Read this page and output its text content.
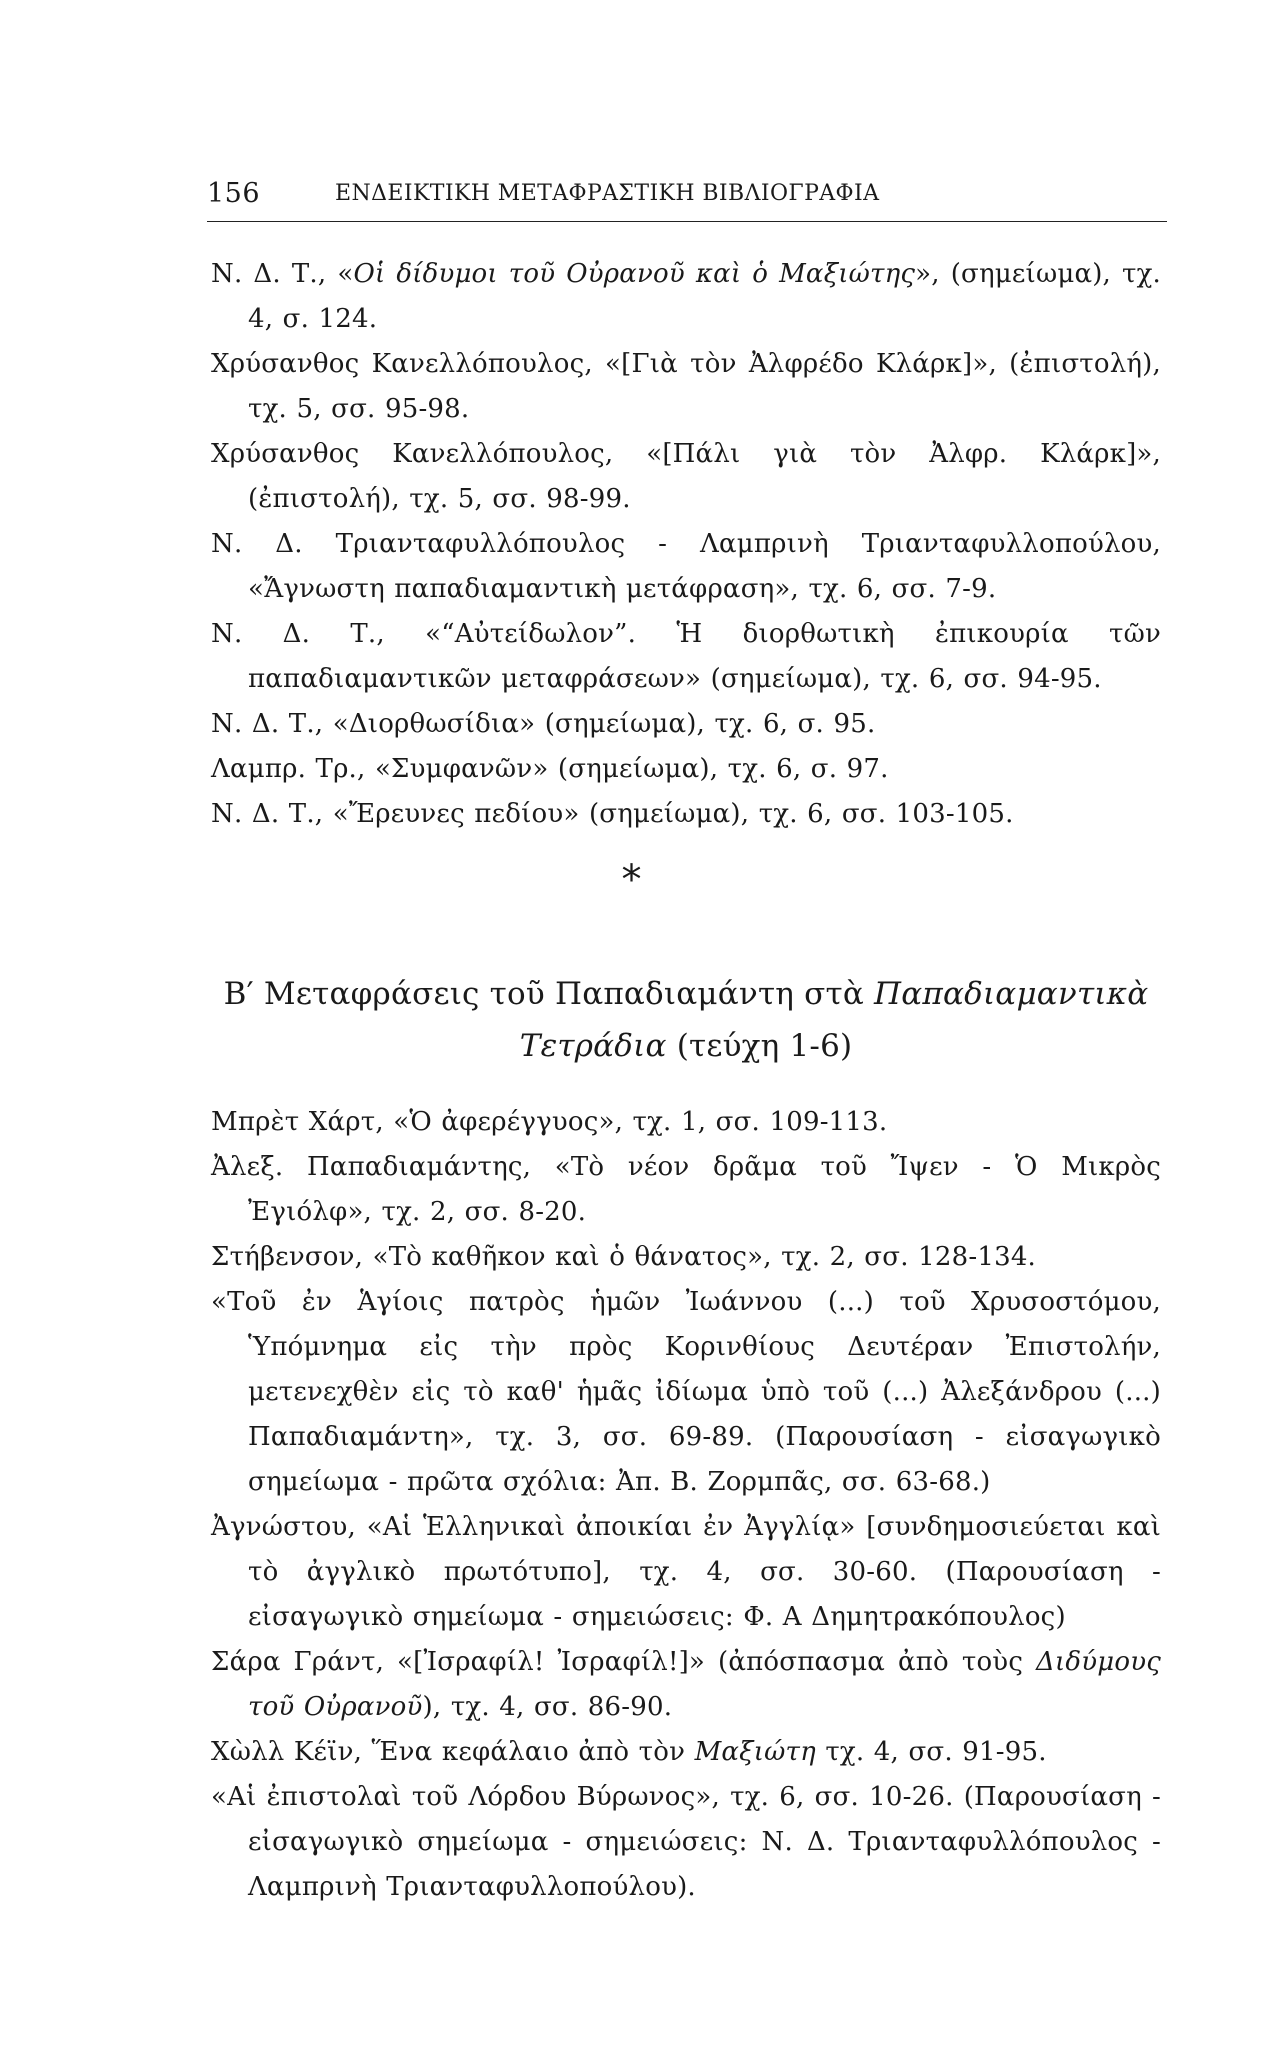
156	ΕΝΔΕΙΚΤΙΚΗ ΜΕΤΑΦΡΑΣΤΙΚΗ ΒΙΒΛΙΟΓΡΑΦΙΑ
Ν. Δ. Τ., «Οἱ δίδυμοι τοῦ Οὐρανοῦ καὶ ὁ Μαξιώτης», (σημείωμα), τχ. 4, σ. 124.
Χρύσανθος Κανελλόπουλος, «[Γιὰ τὸν Ἀλφρέδο Κλάρκ]», (ἐπιστολή), τχ. 5, σσ. 95-98.
Χρύσανθος Κανελλόπουλος, «[Πάλι γιὰ τὸν Ἀλφρ. Κλάρκ]», (ἐπιστολή), τχ. 5, σσ. 98-99.
Ν. Δ. Τριανταφυλλόπουλος - Λαμπρινὴ Τριανταφυλλοπούλου, «Ἄγνωστη παπαδιαμαντικὴ μετάφραση», τχ. 6, σσ. 7-9.
Ν. Δ. Τ., «“Αὐτείδωλον”. Ἡ διορθωτικὴ ἐπικουρία τῶν παπαδιαμαντικῶν μεταφράσεων» (σημείωμα), τχ. 6, σσ. 94-95.
Ν. Δ. Τ., «Διορθωσίδια» (σημείωμα), τχ. 6, σ. 95.
Λαμπρ. Τρ., «Συμφανῶν» (σημείωμα), τχ. 6, σ. 97.
Ν. Δ. Τ., «Ἔρευνες πεδίου» (σημείωμα), τχ. 6, σσ. 103-105.
*
Β′ Μεταφράσεις τοῦ Παπαδιαμάντη στὰ Παπαδιαμαντικὰ Τετράδια (τεύχη 1-6)
Μπρὲτ Χάρτ, «Ὁ ἀφερέγγυος», τχ. 1, σσ. 109-113.
Ἀλεξ. Παπαδιαμάντης, «Τὸ νέον δρᾶμα τοῦ Ἴψεν - Ὁ Μικρὸς Ἐγιόλφ», τχ. 2, σσ. 8-20.
Στήβενσον, «Τὸ καθῆκον καὶ ὁ θάνατος», τχ. 2, σσ. 128-134.
«Τοῦ ἐν Ἁγίοις πατρὸς ἡμῶν Ἰωάννου (...) τοῦ Χρυσοστόμου, Ὑπόμνημα εἰς τὴν πρὸς Κορινθίους Δευτέραν Ἐπιστολήν, μετενεχθὲν εἰς τὸ καθ' ἡμᾶς ἰδίωμα ὑπὸ τοῦ (...) Ἀλεξάνδρου (...) Παπαδιαμάντη», τχ. 3, σσ. 69-89. (Παρουσίαση - εἰσαγωγικὸ σημείωμα - πρῶτα σχόλια: Ἀπ. Β. Ζορμπᾶς, σσ. 63-68.)
Ἀγνώστου, «Αἱ Ἑλληνικαὶ ἀποικίαι ἐν Ἀγγλίᾳ» [συνδημοσιεύεται καὶ τὸ ἀγγλικὸ πρωτότυπο], τχ. 4, σσ. 30-60. (Παρουσίαση - εἰσαγωγικὸ σημείωμα - σημειώσεις: Φ. Α Δημητρακόπουλος)
Σάρα Γράντ, «[Ἰσραφίλ! Ἰσραφίλ!]» (ἀπόσπασμα ἀπὸ τοὺς Διδύμους τοῦ Οὐρανοῦ), τχ. 4, σσ. 86-90.
Χὼλλ Κέϊν, Ἕνα κεφάλαιο ἀπὸ τὸν Μαξιώτη τχ. 4, σσ. 91-95.
«Αἱ ἐπιστολαὶ τοῦ Λόρδου Βύρωνος», τχ. 6, σσ. 10-26. (Παρουσίαση - εἰσαγωγικὸ σημείωμα - σημειώσεις: Ν. Δ. Τριανταφυλλόπουλος - Λαμπρινὴ Τριανταφυλλοπούλου).
